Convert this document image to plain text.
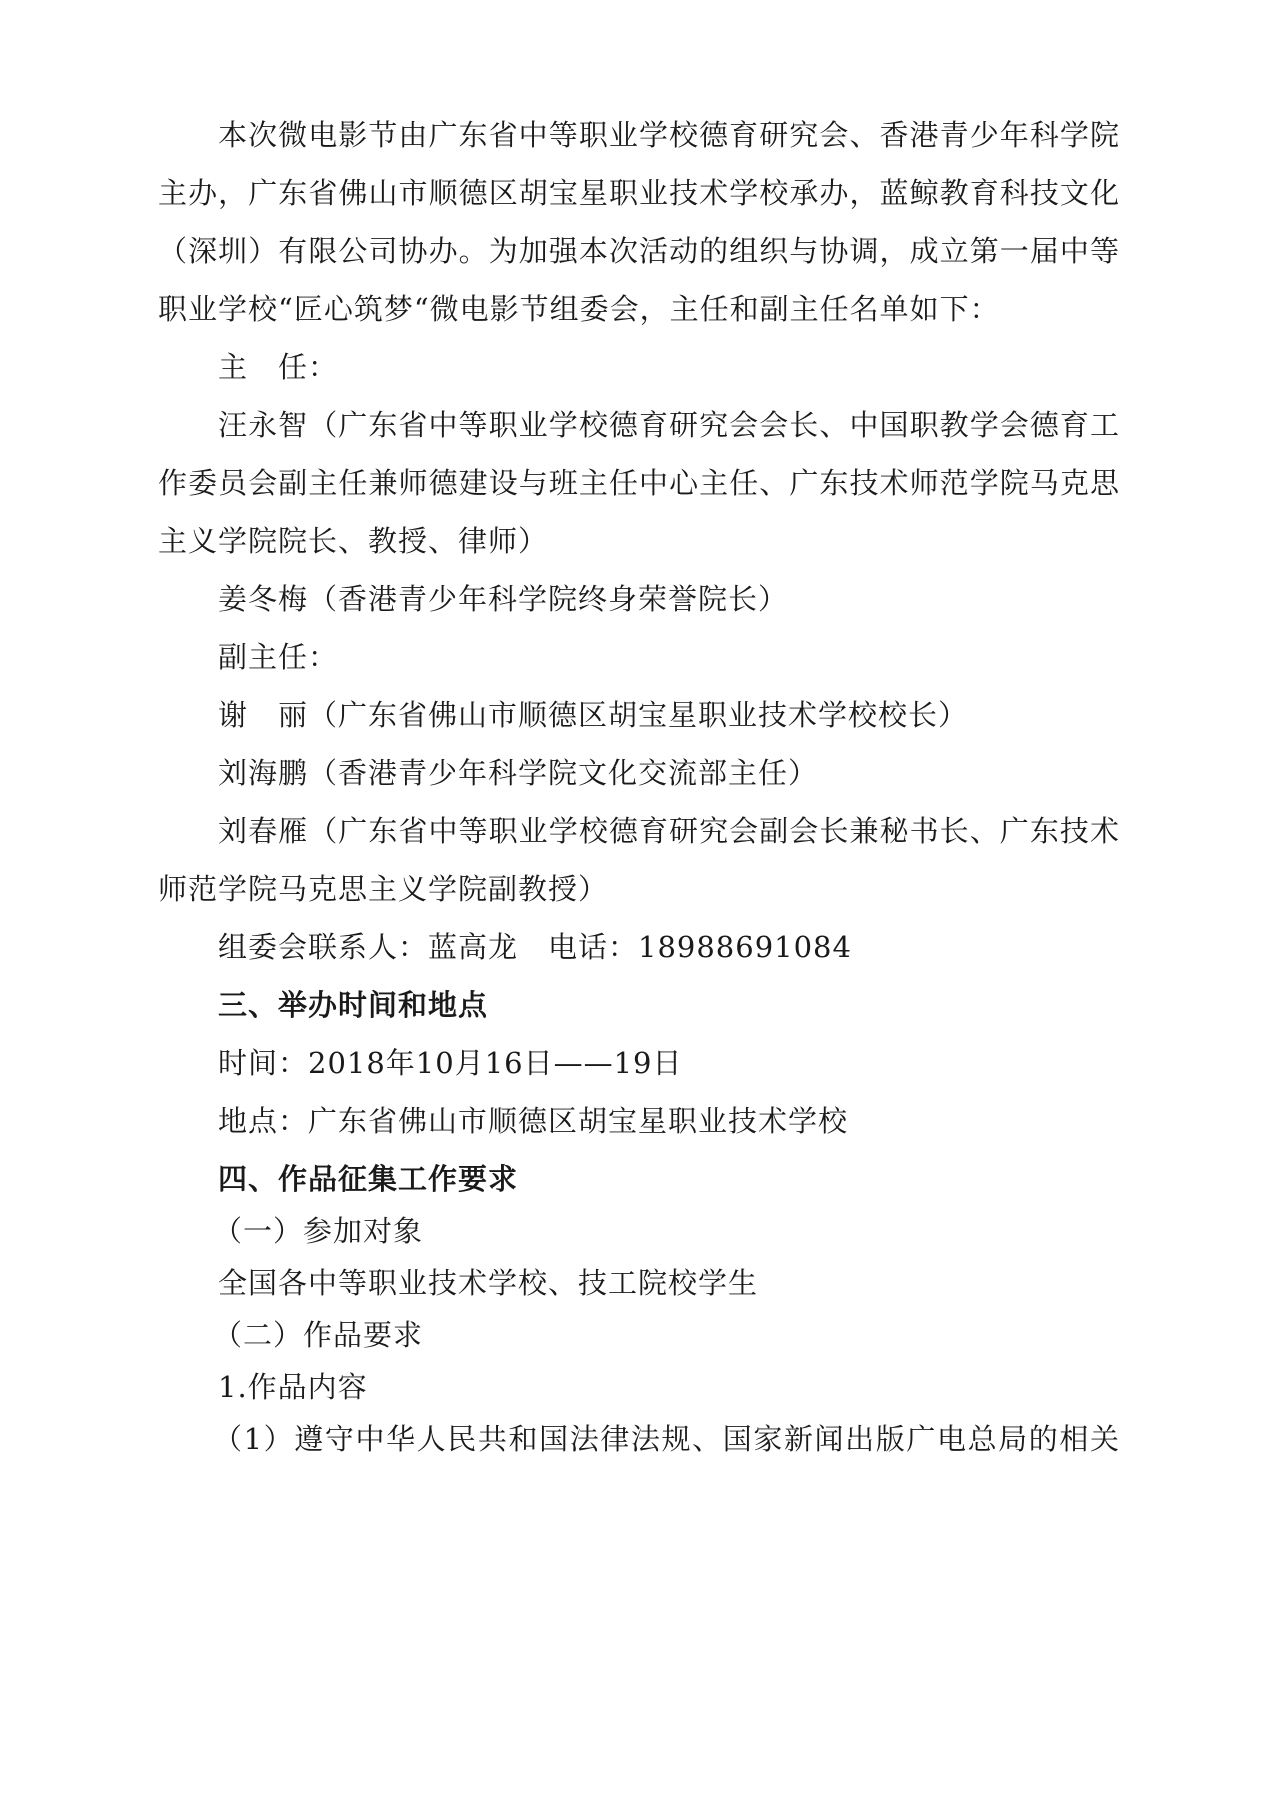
本次微电影节由广东省中等职业学校德育研究会、香港青少年科学院
主办，广东省佛山市顺德区胡宝星职业技术学校承办，蓝鲸教育科技文化
（深圳）有限公司协办。为加强本次活动的组织与协调，成立第一届中等
职业学校“匠心筑梦“微电影节组委会，主任和副主任名单如下：
主　任：
汪永智（广东省中等职业学校德育研究会会长、中国职教学会德育工
作委员会副主任兼师德建设与班主任中心主任、广东技术师范学院马克思
主义学院院长、教授、律师）
姜冬梅（香港青少年科学院终身荣誉院长）
副主任：
谢　丽（广东省佛山市顺德区胡宝星职业技术学校校长）
刘海鹏（香港青少年科学院文化交流部主任）
刘春雁（广东省中等职业学校德育研究会副会长兼秘书长、广东技术
师范学院马克思主义学院副教授）
组委会联系人：蓝高龙　电话：18988691084
三、举办时间和地点
时间：2018年10月16日——19日
地点：广东省佛山市顺德区胡宝星职业技术学校
四、作品征集工作要求
（一）参加对象
全国各中等职业技术学校、技工院校学生
（二）作品要求
1.作品内容
（1）遵守中华人民共和国法律法规、国家新闻出版广电总局的相关
